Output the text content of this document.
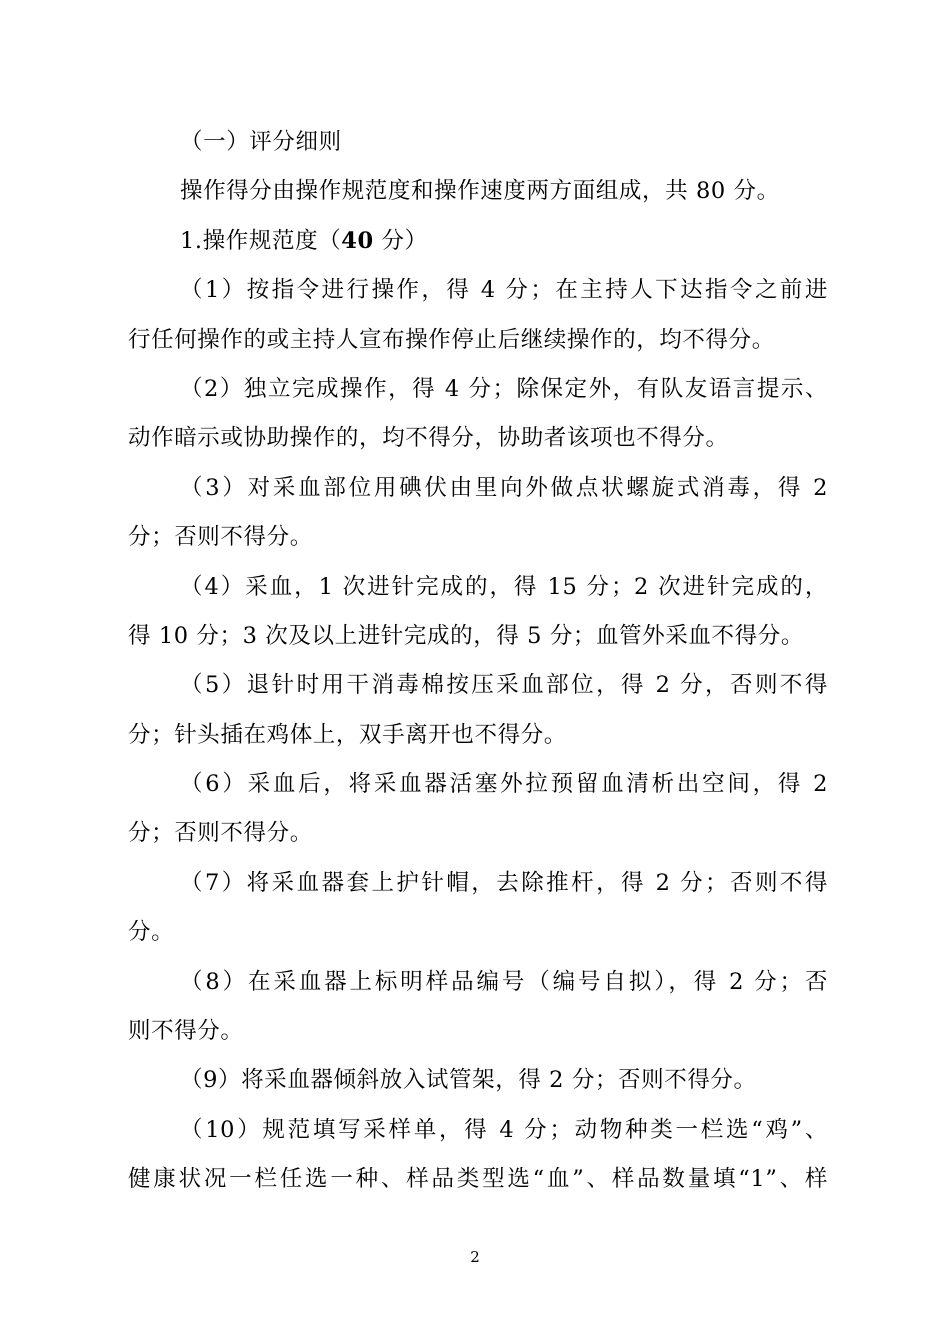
（一）评分细则
操作得分由操作规范度和操作速度两方面组成，共 80 分。
1.操作规范度（40 分）
（1）按指令进行操作，得 4 分；在主持人下达指令之前进
行任何操作的或主持人宣布操作停止后继续操作的，均不得分。
（2）独立完成操作，得 4 分；除保定外，有队友语言提示、
动作暗示或协助操作的，均不得分，协助者该项也不得分。
（3）对采血部位用碘伏由里向外做点状螺旋式消毒，得 2
分；否则不得分。
（4）采血，1 次进针完成的，得 15 分；2 次进针完成的，
得 10 分；3 次及以上进针完成的，得 5 分；血管外采血不得分。
（5）退针时用干消毒棉按压采血部位，得 2 分，否则不得
分；针头插在鸡体上，双手离开也不得分。
（6）采血后，将采血器活塞外拉预留血清析出空间，得 2
分；否则不得分。
（7）将采血器套上护针帽，去除推杆，得 2 分；否则不得
分。
（8）在采血器上标明样品编号（编号自拟），得 2 分；否
则不得分。
（9）将采血器倾斜放入试管架，得 2 分；否则不得分。
（10）规范填写采样单，得 4 分；动物种类一栏选“鸡”、
健康状况一栏任选一种、样品类型选“血”、样品数量填“1”、样
2
